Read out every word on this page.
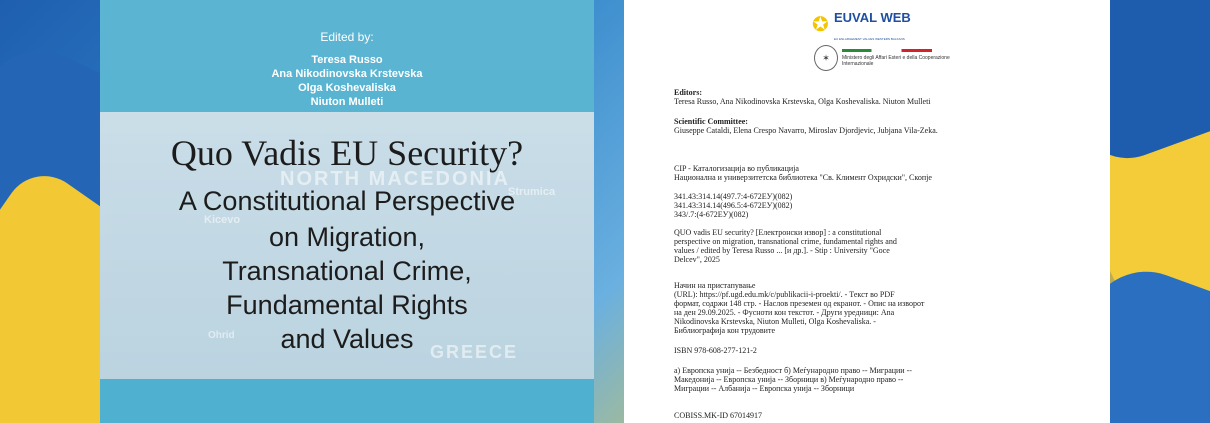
NORTH MACEDONIA
GREECE
Strumica
Kicevo
Ohrid
Edited by:
Teresa Russo
Ana Nikodinovska Krstevska
Olga Koshevaliska
Niuton Mulleti
Quo Vadis EU Security?
A Constitutional Perspective
on Migration,
Transnational Crime,
Fundamental Rights
and Values
✪ EUVAL WEB
EU ENLARGEMENT VALUES WESTERN BALKANS
✶	Ministero degli Affari Esteri e della Cooperazione Internazionale
Editors:
Teresa Russo, Ana Nikodinovska Krstevska, Olga Koshevaliska. Niuton Mulleti
Scientific Committee:
Giuseppe Cataldi, Elena Crespo Navarro, Miroslav Djordjevic, Jubjana Vila-Zeka.
CIP - Каталогизација во публикација
Национална и универзитетска библиотека "Св. Климент Охридски", Скопје
341.43:314.14(497.7:4-672ЕУ)(082)
341.43:314.14(496.5:4-672ЕУ)(082)
343/.7:(4-672ЕУ)(082)
QUO vadis EU security? [Електронски извор] : a constitutional
perspective on migration, transnational crime, fundamental rights and
values / edited by Teresa Russo ... [и др.]. - Stip : University "Goce
Delcev", 2025
Начин на пристапување
(URL): https://pf.ugd.edu.mk/c/publikacii-i-proekti/. - Текст во PDF
формат, содржи 148 стр. - Наслов преземен од екранот. - Опис на изворот
на ден 29.09.2025. - Фусноти кон текстот. - Други уредници: Ana
Nikodinovska Krstevska, Niuton Mulleti, Olga Koshevaliska. -
Библиографија кон трудовите
ISBN 978-608-277-121-2
а) Европска унија -- Безбедност б) Меѓународно право -- Миграции --
Македонија -- Европска унија -- Зборници в) Меѓународно право --
Миграции -- Албанија -- Европска унија -- Зборници
COBISS.MK-ID 67014917
